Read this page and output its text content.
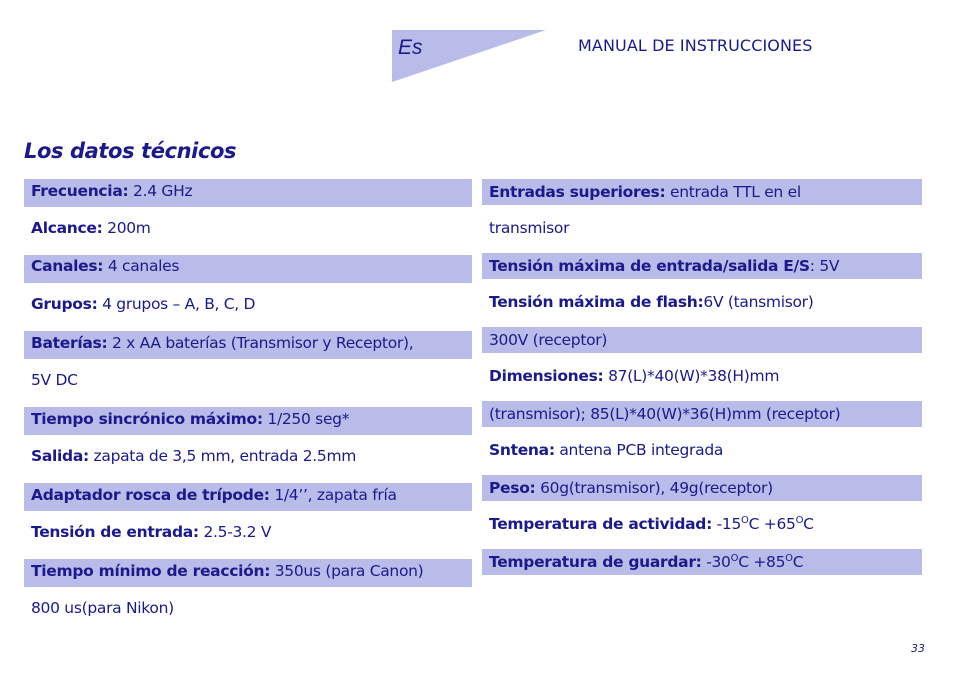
Es	MANUAL DE INSTRUCCIONES
Los datos técnicos
Frecuencia: 2.4 GHz
Alcance: 200m
Canales: 4 canales
Grupos: 4 grupos – A, B, C, D
Baterías: 2 x AA baterías (Transmisor y Receptor),
5V DC
Tiempo sincrónico máximo: 1/250 seg*
Salida: zapata de 3,5 mm, entrada 2.5mm
Adaptador rosca de trípode: 1/4’’, zapata fría
Tensión de entrada: 2.5-3.2 V
Tiempo mínimo de reacción: 350us (para Canon)
800 us(para Nikon)
Entradas superiores: entrada TTL en el
transmisor
Tensión máxima de entrada/salida E/S: 5V
Tensión máxima de flash:6V (tansmisor)
300V (receptor)
Dimensiones: 87(L)*40(W)*38(H)mm
(transmisor); 85(L)*40(W)*36(H)mm (receptor)
Sntena: antena PCB integrada
Peso: 60g(transmisor), 49g(receptor)
Temperatura de actividad: $-15^OC +65^OC$
Temperatura de guardar: $-30^OC +85^OC$
33
